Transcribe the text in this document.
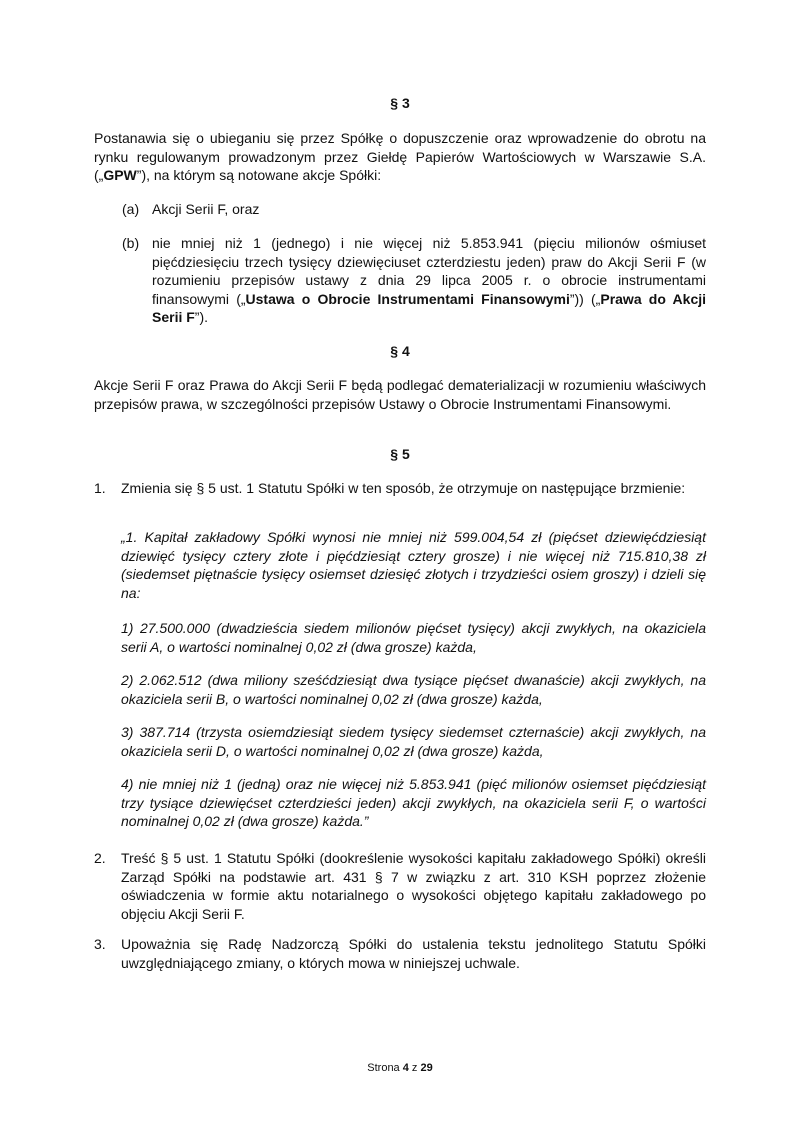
§ 3
Postanawia się o ubieganiu się przez Spółkę o dopuszczenie oraz wprowadzenie do obrotu na rynku regulowanym prowadzonym przez Giełdę Papierów Wartościowych w Warszawie S.A. („GPW”), na którym są notowane akcje Spółki:
(a) Akcji Serii F, oraz
(b) nie mniej niż 1 (jednego) i nie więcej niż 5.853.941 (pięciu milionów ośmiuset pięćdziesięciu trzech tysięcy dziewięciuset czterdziestu jeden) praw do Akcji Serii F (w rozumieniu przepisów ustawy z dnia 29 lipca 2005 r. o obrocie instrumentami finansowymi („Ustawa o Obrocie Instrumentami Finansowymi”)) („Prawa do Akcji Serii F”).
§ 4
Akcje Serii F oraz Prawa do Akcji Serii F będą podlegać dematerializacji w rozumieniu właściwych przepisów prawa, w szczególności przepisów Ustawy o Obrocie Instrumentami Finansowymi.
§ 5
1. Zmienia się § 5 ust. 1 Statutu Spółki w ten sposób, że otrzymuje on następujące brzmienie:
„1. Kapitał zakładowy Spółki wynosi nie mniej niż 599.004,54 zł (pięćset dziewięćdziesiąt dziewięć tysięcy cztery złote i pięćdziesiąt cztery grosze) i nie więcej niż 715.810,38 zł (siedemset piętnaście tysięcy osiemset dziesięć złotych i trzydzieści osiem groszy) i dzieli się na:
1) 27.500.000 (dwadzieścia siedem milionów pięćset tysięcy) akcji zwykłych, na okaziciela serii A, o wartości nominalnej 0,02 zł (dwa grosze) każda,
2) 2.062.512 (dwa miliony sześćdziesiąt dwa tysiące pięćset dwanaście) akcji zwykłych, na okaziciela serii B, o wartości nominalnej 0,02 zł (dwa grosze) każda,
3) 387.714 (trzysta osiemdziesiąt siedem tysięcy siedemset czternaście) akcji zwykłych, na okaziciela serii D, o wartości nominalnej 0,02 zł (dwa grosze) każda,
4) nie mniej niż 1 (jedną) oraz nie więcej niż 5.853.941 (pięć milionów osiemset pięćdziesiąt trzy tysiące dziewięćset czterdzieści jeden) akcji zwykłych, na okaziciela serii F, o wartości nominalnej 0,02 zł (dwa grosze) każda.”
2. Treść § 5 ust. 1 Statutu Spółki (dookreślenie wysokości kapitału zakładowego Spółki) określi Zarząd Spółki na podstawie art. 431 § 7 w związku z art. 310 KSH poprzez złożenie oświadczenia w formie aktu notarialnego o wysokości objętego kapitału zakładowego po objęciu Akcji Serii F.
3. Upoważnia się Radę Nadzorczą Spółki do ustalenia tekstu jednolitego Statutu Spółki uwzględniającego zmiany, o których mowa w niniejszej uchwale.
Strona 4 z 29
